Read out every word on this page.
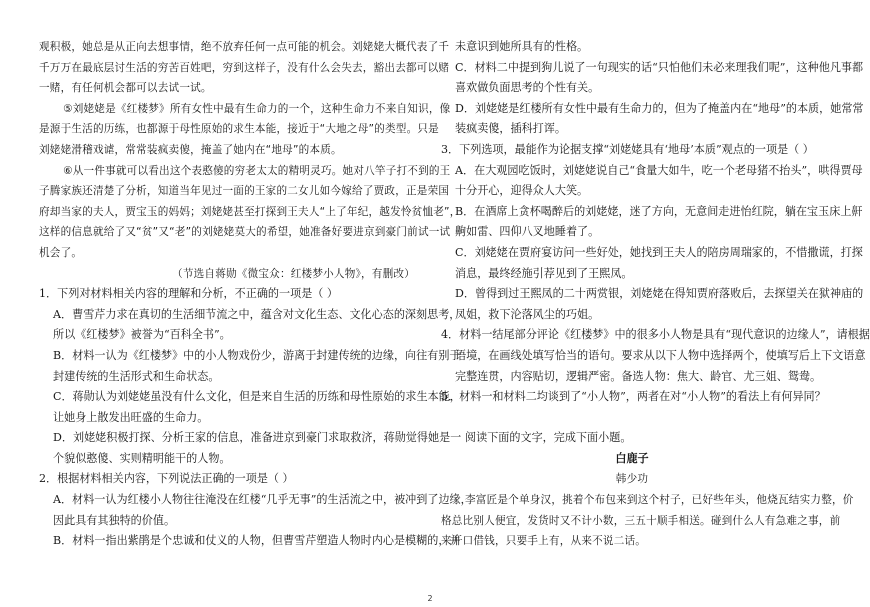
观积极，她总是从正向去想事情，绝不放弃任何一点可能的机会。刘姥姥大概代表了千
千万万在最底层讨生活的穷苦百姓吧，穷到这样子，没有什么会失去，豁出去都可以赌
一赌，有任何机会都可以去试一试。
⑤刘姥姥是《红楼梦》所有女性中最有生命力的一个，这种生命力不来自知识，像
是源于生活的历练，也都源于母性原始的求生本能，接近于“大地之母”的类型。只是
刘姥姥滑稽戏谑，常常装疯卖傻，掩盖了她内在“地母”的本质。
⑥从一件事就可以看出这个表憨傻的穷老太太的精明灵巧。她对八竿子打不到的王
子腾家族还清楚了分析，知道当年见过一面的王家的二女儿如今嫁给了贾政，正是荣国
府却当家的夫人，贾宝玉的妈妈；刘姥姥甚至打探到王夫人“上了年纪，越发怜贫恤老”，
这样的信息就给了又“贫”又“老”的刘姥姥莫大的希望，她准备好要进京到豪门前试一试
机会了。
（节选自蒋勋《微宝众：红楼梦小人物》，有删改）
1．下列对材料相关内容的理解和分析，不正确的一项是（ ）
A．曹雪芹力求在真切的生活细节流之中，蕴含对文化生态、文化心态的深刻思考，
所以《红楼梦》被誉为“百科全书”。
B．材料一认为《红楼梦》中的小人物戏份少，游离于封建传统的边缘，向往有别于
封建传统的生活形式和生命状态。
C．蒋勋认为刘姥姥虽没有什么文化，但是来自生活的历练和母性原始的求生本能，
让她身上散发出旺盛的生命力。
D．刘姥姥积极打探、分析王家的信息，准备进京到豪门求取救济，蒋勋觉得她是一
个貌似憨傻、实则精明能干的人物。
2．根据材料相关内容，下列说法正确的一项是（ ）
A．材料一认为红楼小人物往往淹没在红楼“几乎无事”的生活流之中，被冲到了边缘，
因此具有其独特的价值。
B．材料一指出紫鹃是个忠诚和仗义的人物，但曹雪芹塑造人物时内心是模糊的，并
未意识到她所具有的性格。
C．材料二中提到狗儿说了一句现实的话“只怕他们未必来理我们呢”，这种他凡事都
喜欢做负面思考的个性有关。
D．刘姥姥是红楼所有女性中最有生命力的，但为了掩盖内在“地母”的本质，她常常
装疯卖傻，插科打诨。
3．下列选项，最能作为论据支撑“刘姥姥具有‘地母’本质”观点的一项是（ ）
A．在大观园吃饭时，刘姥姥说自己“食量大如牛，吃一个老母猪不抬头”，哄得贾母
十分开心，迎得众人大笑。
B．在酒席上贪杯喝醉后的刘姥姥，迷了方向，无意间走进怡红院，躺在宝玉床上鼾
齁如雷、四仰八叉地睡着了。
C．刘姥姥在贾府宴访问一些好处，她找到王夫人的陪房周瑞家的，不惜撒谎，打探
消息，最终经施引荐见到了王熙凤。
D．曾得到过王熙凤的二十两赏银，刘姥姥在得知贾府落败后，去探望关在狱神庙的
凤姐，救下沦落风尘的巧姐。
4．材料一结尾部分评论《红楼梦》中的很多小人物是具有“现代意识的边缘人”，请根据
语境，在画线处填写恰当的语句。要求从以下人物中选择两个，使填写后上下文语意
完整连贯，内容贴切，逻辑严密。备选人物：焦大、龄官、尤三姐、鸳鸯。
5．材料一和材料二均谈到了“小人物”，两者在对“小人物”的看法上有何异同？
阅读下面的文字，完成下面小题。
白鹿子
韩少功
李富匠是个单身汉，挑着个布包来到这个村子，已好些年头，他烧瓦结实力整，价
格总比别人便宜，发货时又不计小数，三五十顺手相送。碰到什么人有急难之事，前
来开口借钱，只要手上有，从来不说二话。
2
